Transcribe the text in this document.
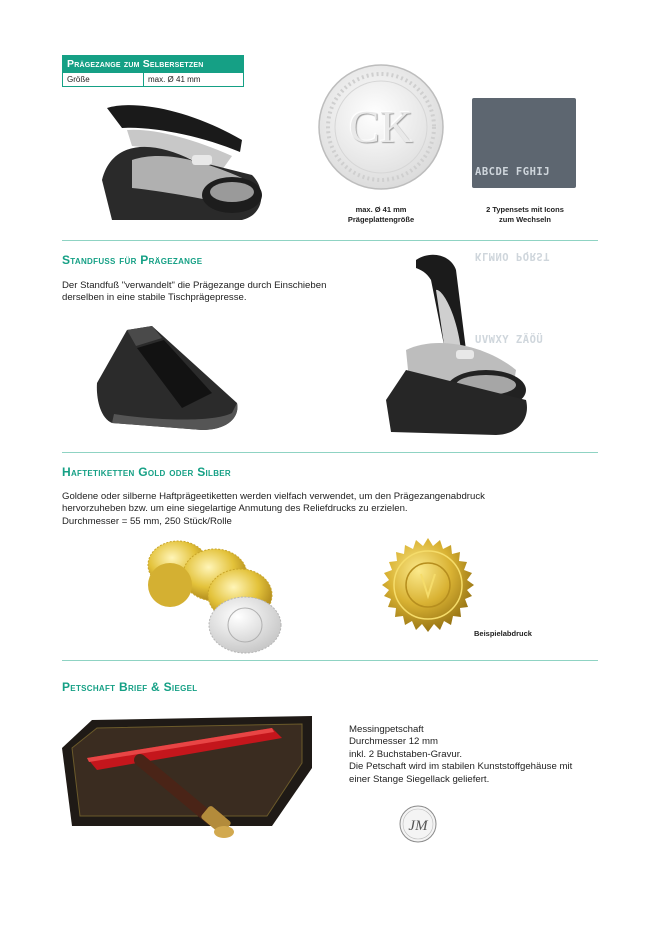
Prägezange zum Selbersetzen
Größe	max. Ø 41 mm
CK
max. Ø 41 mm
Prägeplattengröße

ABCDE FGHIJ

KLMNO PQRST

UVWXY ZÄÖÜ

2 Typensets mit Icons
zum Wechseln
Standfuss für Prägezange
Der Standfuß "verwandelt" die Prägezange durch Einschieben
derselben in eine stabile Tischprägepresse.
Haftetiketten Gold oder Silber
Goldene oder silberne Haftprägeetiketten werden vielfach verwendet, um den Prägezangenabdruck
hervorzuheben bzw. um eine siegelartige Anmutung des Reliefdrucks zu erzielen.
Durchmesser = 55 mm, 250 Stück/Rolle
Beispielabdruck
Petschaft Brief & Siegel
Messingpetschaft
Durchmesser 12 mm
inkl. 2 Buchstaben-Gravur.
Die Petschaft wird im stabilen Kunststoffgehäuse mit
einer Stange Siegellack geliefert.
JM
